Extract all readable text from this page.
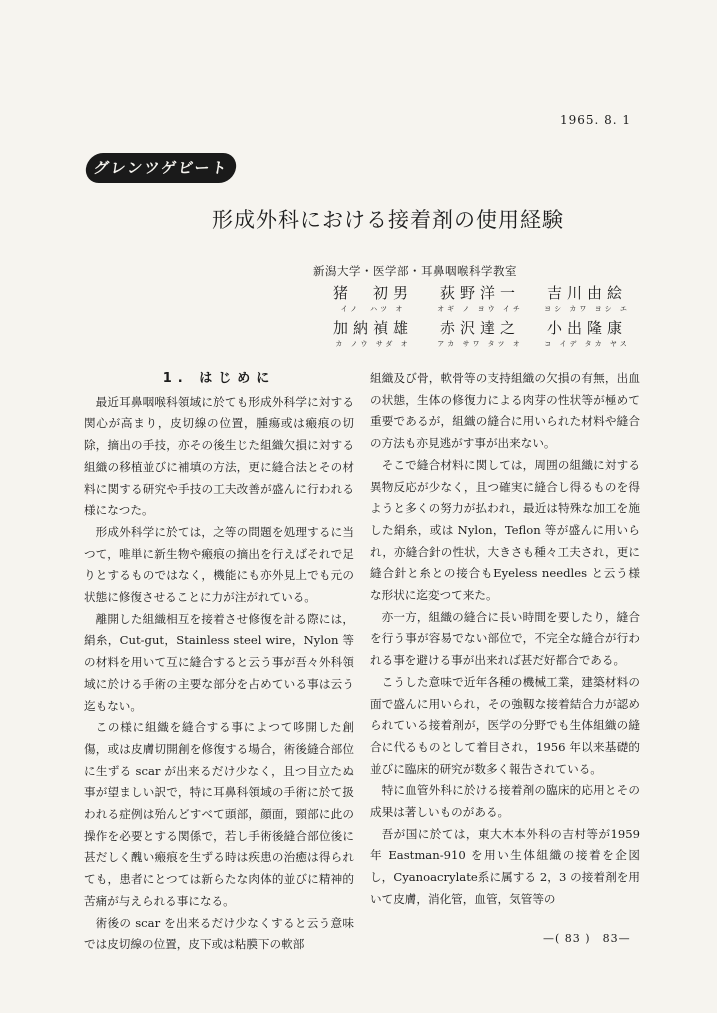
1965. 8. 1
グレンツゲビート
形成外科における接着剤の使用経験
新潟大学・医学部・耳鼻咽喉科学教室
猪　初男
イノ　ハツ オ
荻野洋一
オギ ノ ヨウ イチ
吉川由絵
ヨシ カワ ヨシ エ
加納禎雄
カ ノウ サダ オ
赤沢達之
アカ サワ タツ オ
小出隆康
コ イデ タカ ヤス
1. はじめに

最近耳鼻咽喉科領域に於ても形成外科学に対する関心が高まり，皮切線の位置，腫瘍或は瘢痕の切除，摘出の手技，亦その後生じた組織欠損に対する組織の移植並びに補填の方法，更に縫合法とその材料に関する研究や手技の工夫改善が盛んに行われる様になつた。

形成外科学に於ては，之等の問題を処理するに当つて，唯単に新生物や瘢痕の摘出を行えばそれで足りとするものではなく，機能にも亦外見上でも元の状態に修復させることに力が注がれている。

離開した組織相互を接着させ修復を計る際には，絹糸，Cut-gut，Stainless steel wire，Nylon 等の材料を用いて互に縫合すると云う事が吾々外科領域に於ける手術の主要な部分を占めている事は云う迄もない。

この様に組織を縫合する事によつて哆開した創傷，或は皮膚切開創を修復する場合，術後縫合部位に生ずる scar が出来るだけ少なく，且つ目立たぬ事が望ましい訳で，特に耳鼻科領域の手術に於て扱われる症例は殆んどすべて頭部，顔面，頸部に此の操作を必要とする関係で，若し手術後縫合部位後に甚だしく醜い瘢痕を生ずる時は疾患の治癒は得られても，患者にとつては新らたな肉体的並びに精神的苦痛が与えられる事になる。

術後の scar を出来るだけ少なくすると云う意味では皮切線の位置，皮下或は粘膜下の軟部

組織及び骨，軟骨等の支持組織の欠損の有無，出血の状態，生体の修復力による肉芽の性状等が極めて重要であるが，組織の縫合に用いられた材料や縫合の方法も亦見逃がす事が出来ない。

そこで縫合材料に関しては，周囲の組織に対する異物反応が少なく，且つ確実に縫合し得るものを得ようと多くの努力が払われ，最近は特殊な加工を施した絹糸，或は Nylon，Teflon 等が盛んに用いられ，亦縫合針の性状，大きさも種々工夫され，更に縫合針と糸との接合もEyeless needles と云う様な形状に迄変つて来た。

亦一方，組織の縫合に長い時間を要したり，縫合を行う事が容易でない部位で，不完全な縫合が行われる事を避ける事が出来れば甚だ好都合である。

こうした意味で近年各種の機械工業，建築材料の面で盛んに用いられ，その強靱な接着結合力が認められている接着剤が，医学の分野でも生体組織の縫合に代るものとして着目され，1956 年以来基礎的並びに臨床的研究が数多く報告されている。

特に血管外科に於ける接着剤の臨床的応用とその成果は著しいものがある。

吾が国に於ては，東大木本外科の吉村等が1959 年 Eastman-910 を用い生体組織の接着を企図し，Cyanoacrylate系に属する 2，3 の接着剤を用いて皮膚，消化管，血管，気管等の

—( 83 )　83—
